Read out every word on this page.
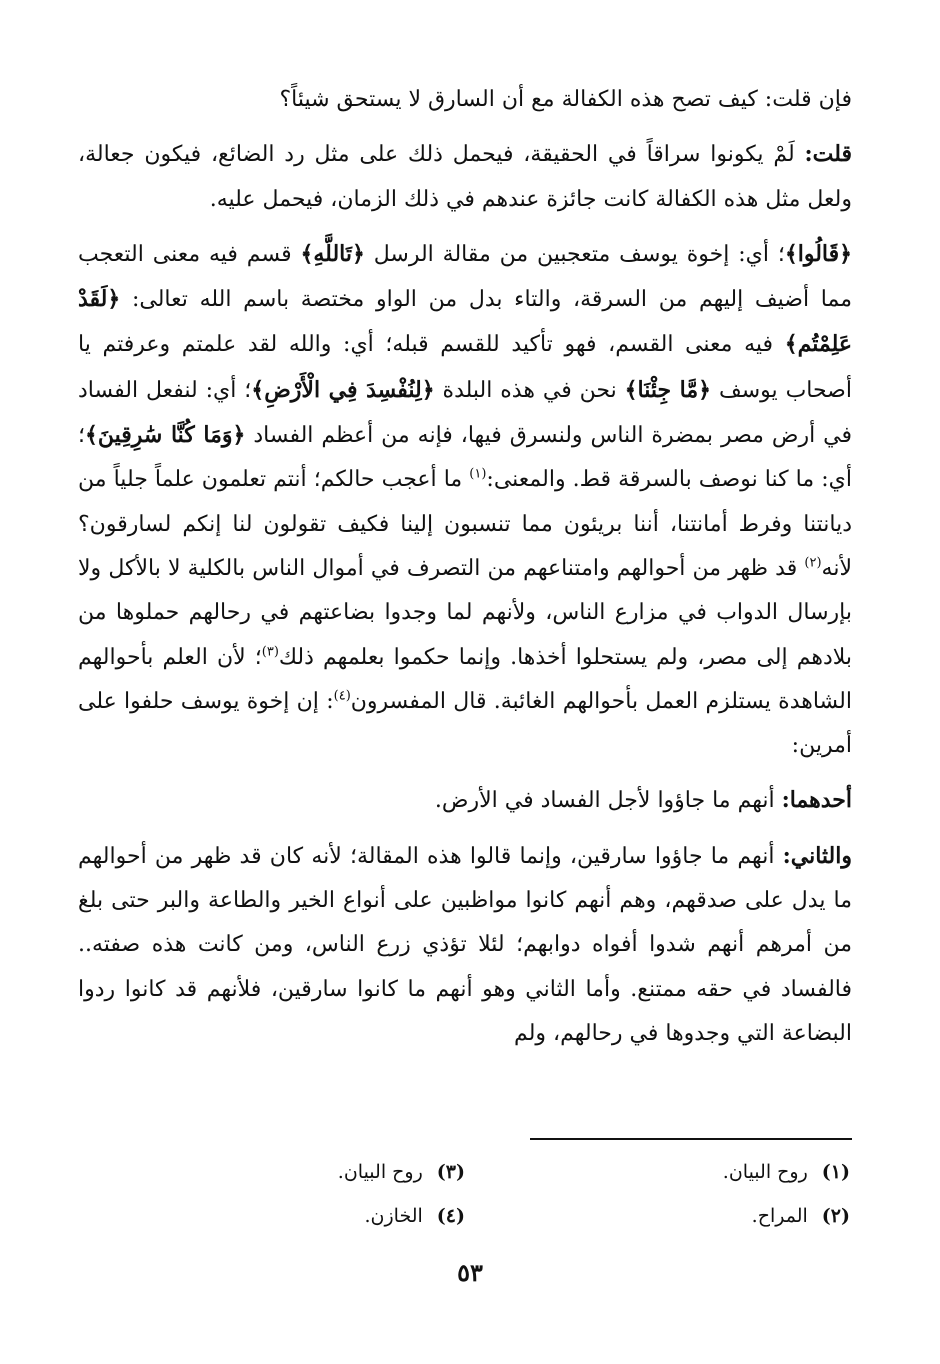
فإن قلت: كيف تصح هذه الكفالة مع أن السارق لا يستحق شيئاً؟

قلت: لَمْ يكونوا سراقاً في الحقيقة، فيحمل ذلك على مثل رد الضائع، فيكون جعالة، ولعل مثل هذه الكفالة كانت جائزة عندهم في ذلك الزمان، فيحمل عليه.

﴿قَالُوا﴾؛ أي: إخوة يوسف متعجبين من مقالة الرسل ﴿تَاللَّهِ﴾ قسم فيه معنى التعجب مما أضيف إليهم من السرقة، والتاء بدل من الواو مختصة باسم الله تعالى: ﴿لَقَدْ عَلِمْتُم﴾ فيه معنى القسم، فهو تأكيد للقسم قبله؛ أي: والله لقد علمتم وعرفتم يا أصحاب يوسف ﴿مَّا جِئْنَا﴾ نحن في هذه البلدة ﴿لِنُفْسِدَ فِي الْأَرْضِ﴾؛ أي: لنفعل الفساد في أرض مصر بمضرة الناس ولنسرق فيها، فإنه من أعظم الفساد ﴿وَمَا كُنَّا سَٰرِقِينَ﴾؛ أي: ما كنا نوصف بالسرقة قط. والمعنى:$^{(١)}$ ما أعجب حالكم؛ أنتم تعلمون علماً جلياً من ديانتنا وفرط أمانتنا، أننا بريئون مما تنسبون إلينا فكيف تقولون لنا إنكم لسارقون؟ لأنه$^{(٢)}$ قد ظهر من أحوالهم وامتناعهم من التصرف في أموال الناس بالكلية لا بالأكل ولا بإرسال الدواب في مزارع الناس، ولأنهم لما وجدوا بضاعتهم في رحالهم حملوها من بلادهم إلى مصر، ولم يستحلوا أخذها. وإنما حكموا بعلمهم ذلك$^{(٣)}$؛ لأن العلم بأحوالهم الشاهدة يستلزم العمل بأحوالهم الغائبة. قال المفسرون$^{(٤)}$: إن إخوة يوسف حلفوا على أمرين:

أحدهما: أنهم ما جاؤوا لأجل الفساد في الأرض.

والثاني: أنهم ما جاؤوا سارقين، وإنما قالوا هذه المقالة؛ لأنه كان قد ظهر من أحوالهم ما يدل على صدقهم، وهم أنهم كانوا مواظبين على أنواع الخير والطاعة والبر حتى بلغ من أمرهم أنهم شدوا أفواه دوابهم؛ لئلا تؤذي زرع الناس، ومن كانت هذه صفته.. فالفساد في حقه ممتنع. وأما الثاني وهو أنهم ما كانوا سارقين، فلأنهم قد كانوا ردوا البضاعة التي وجدوها في رحالهم، ولم

(١)روح البيان.
(٣)روح البيان.
(٢)المراح.
(٤)الخازن.
٥٣
